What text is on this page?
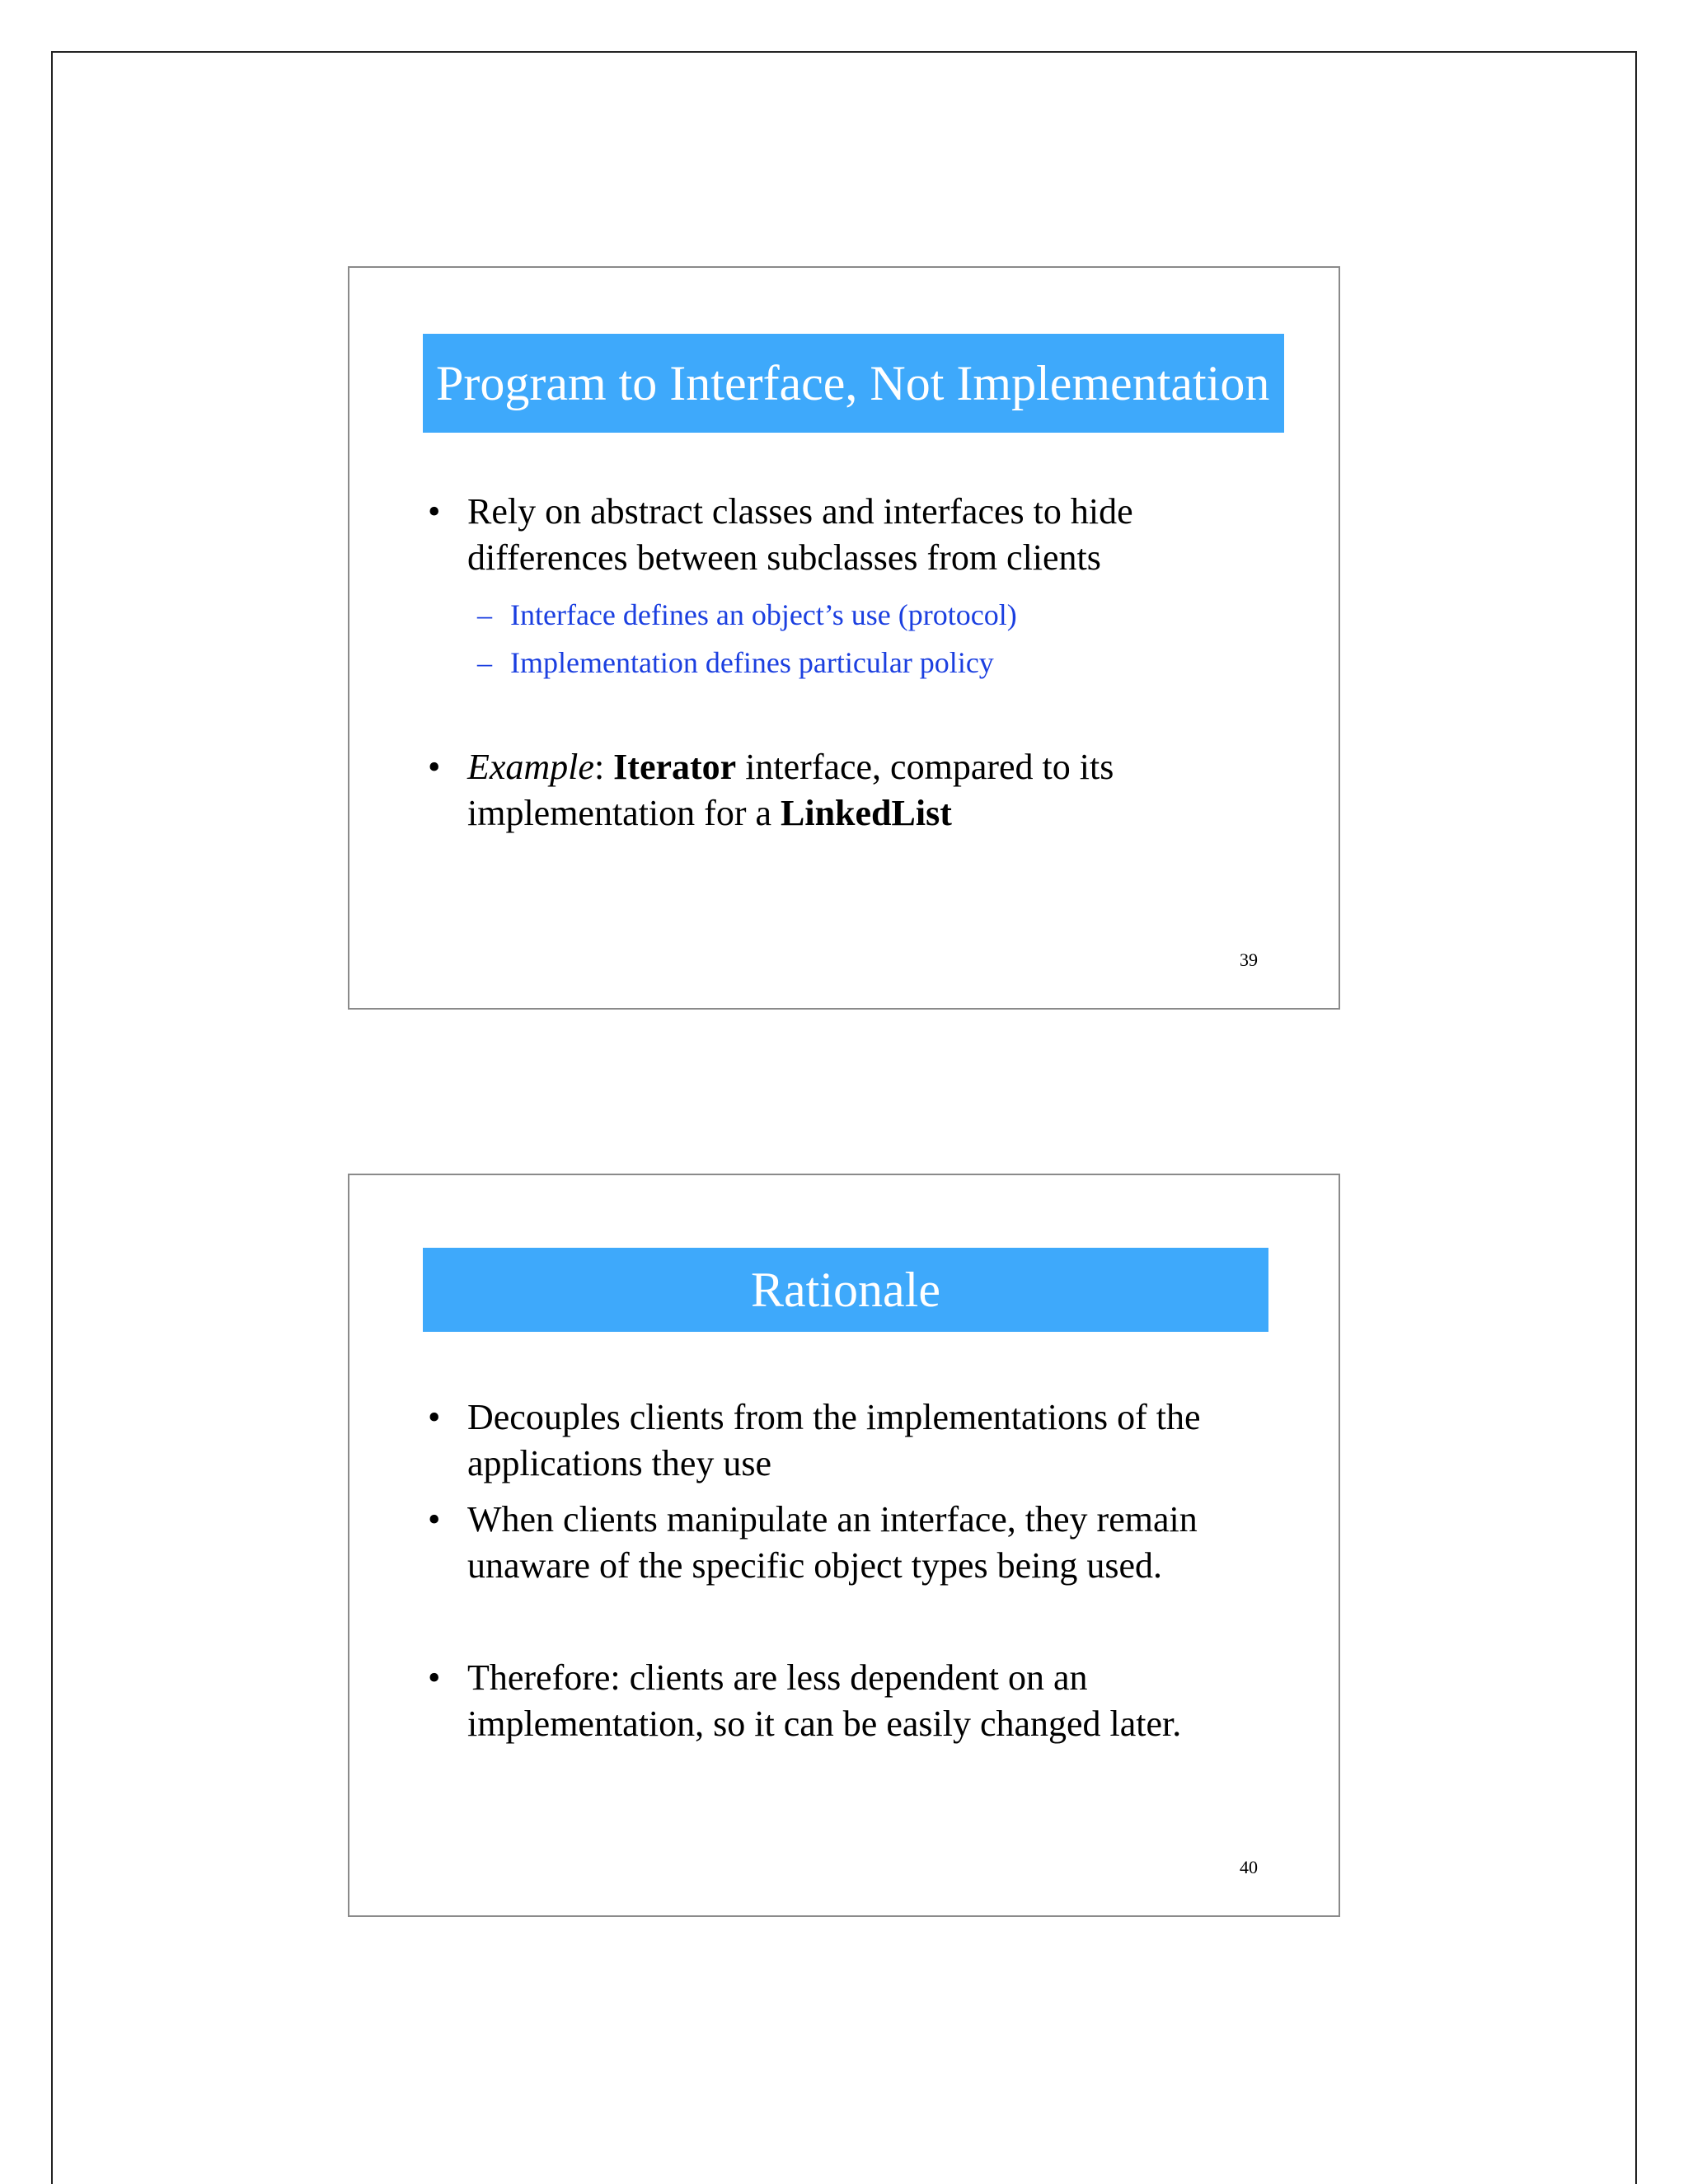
Program to Interface, Not Implementation
• Rely on abstract classes and interfaces to hide
differences between subclasses from clients
– Interface defines an object’s use (protocol)
– Implementation defines particular policy
• Example: Iterator interface, compared to its
implementation for a LinkedList
39
Rationale
• Decouples clients from the implementations of the
applications they use
• When clients manipulate an interface, they remain
unaware of the specific object types being used.
• Therefore: clients are less dependent on an
implementation, so it can be easily changed later.
40
